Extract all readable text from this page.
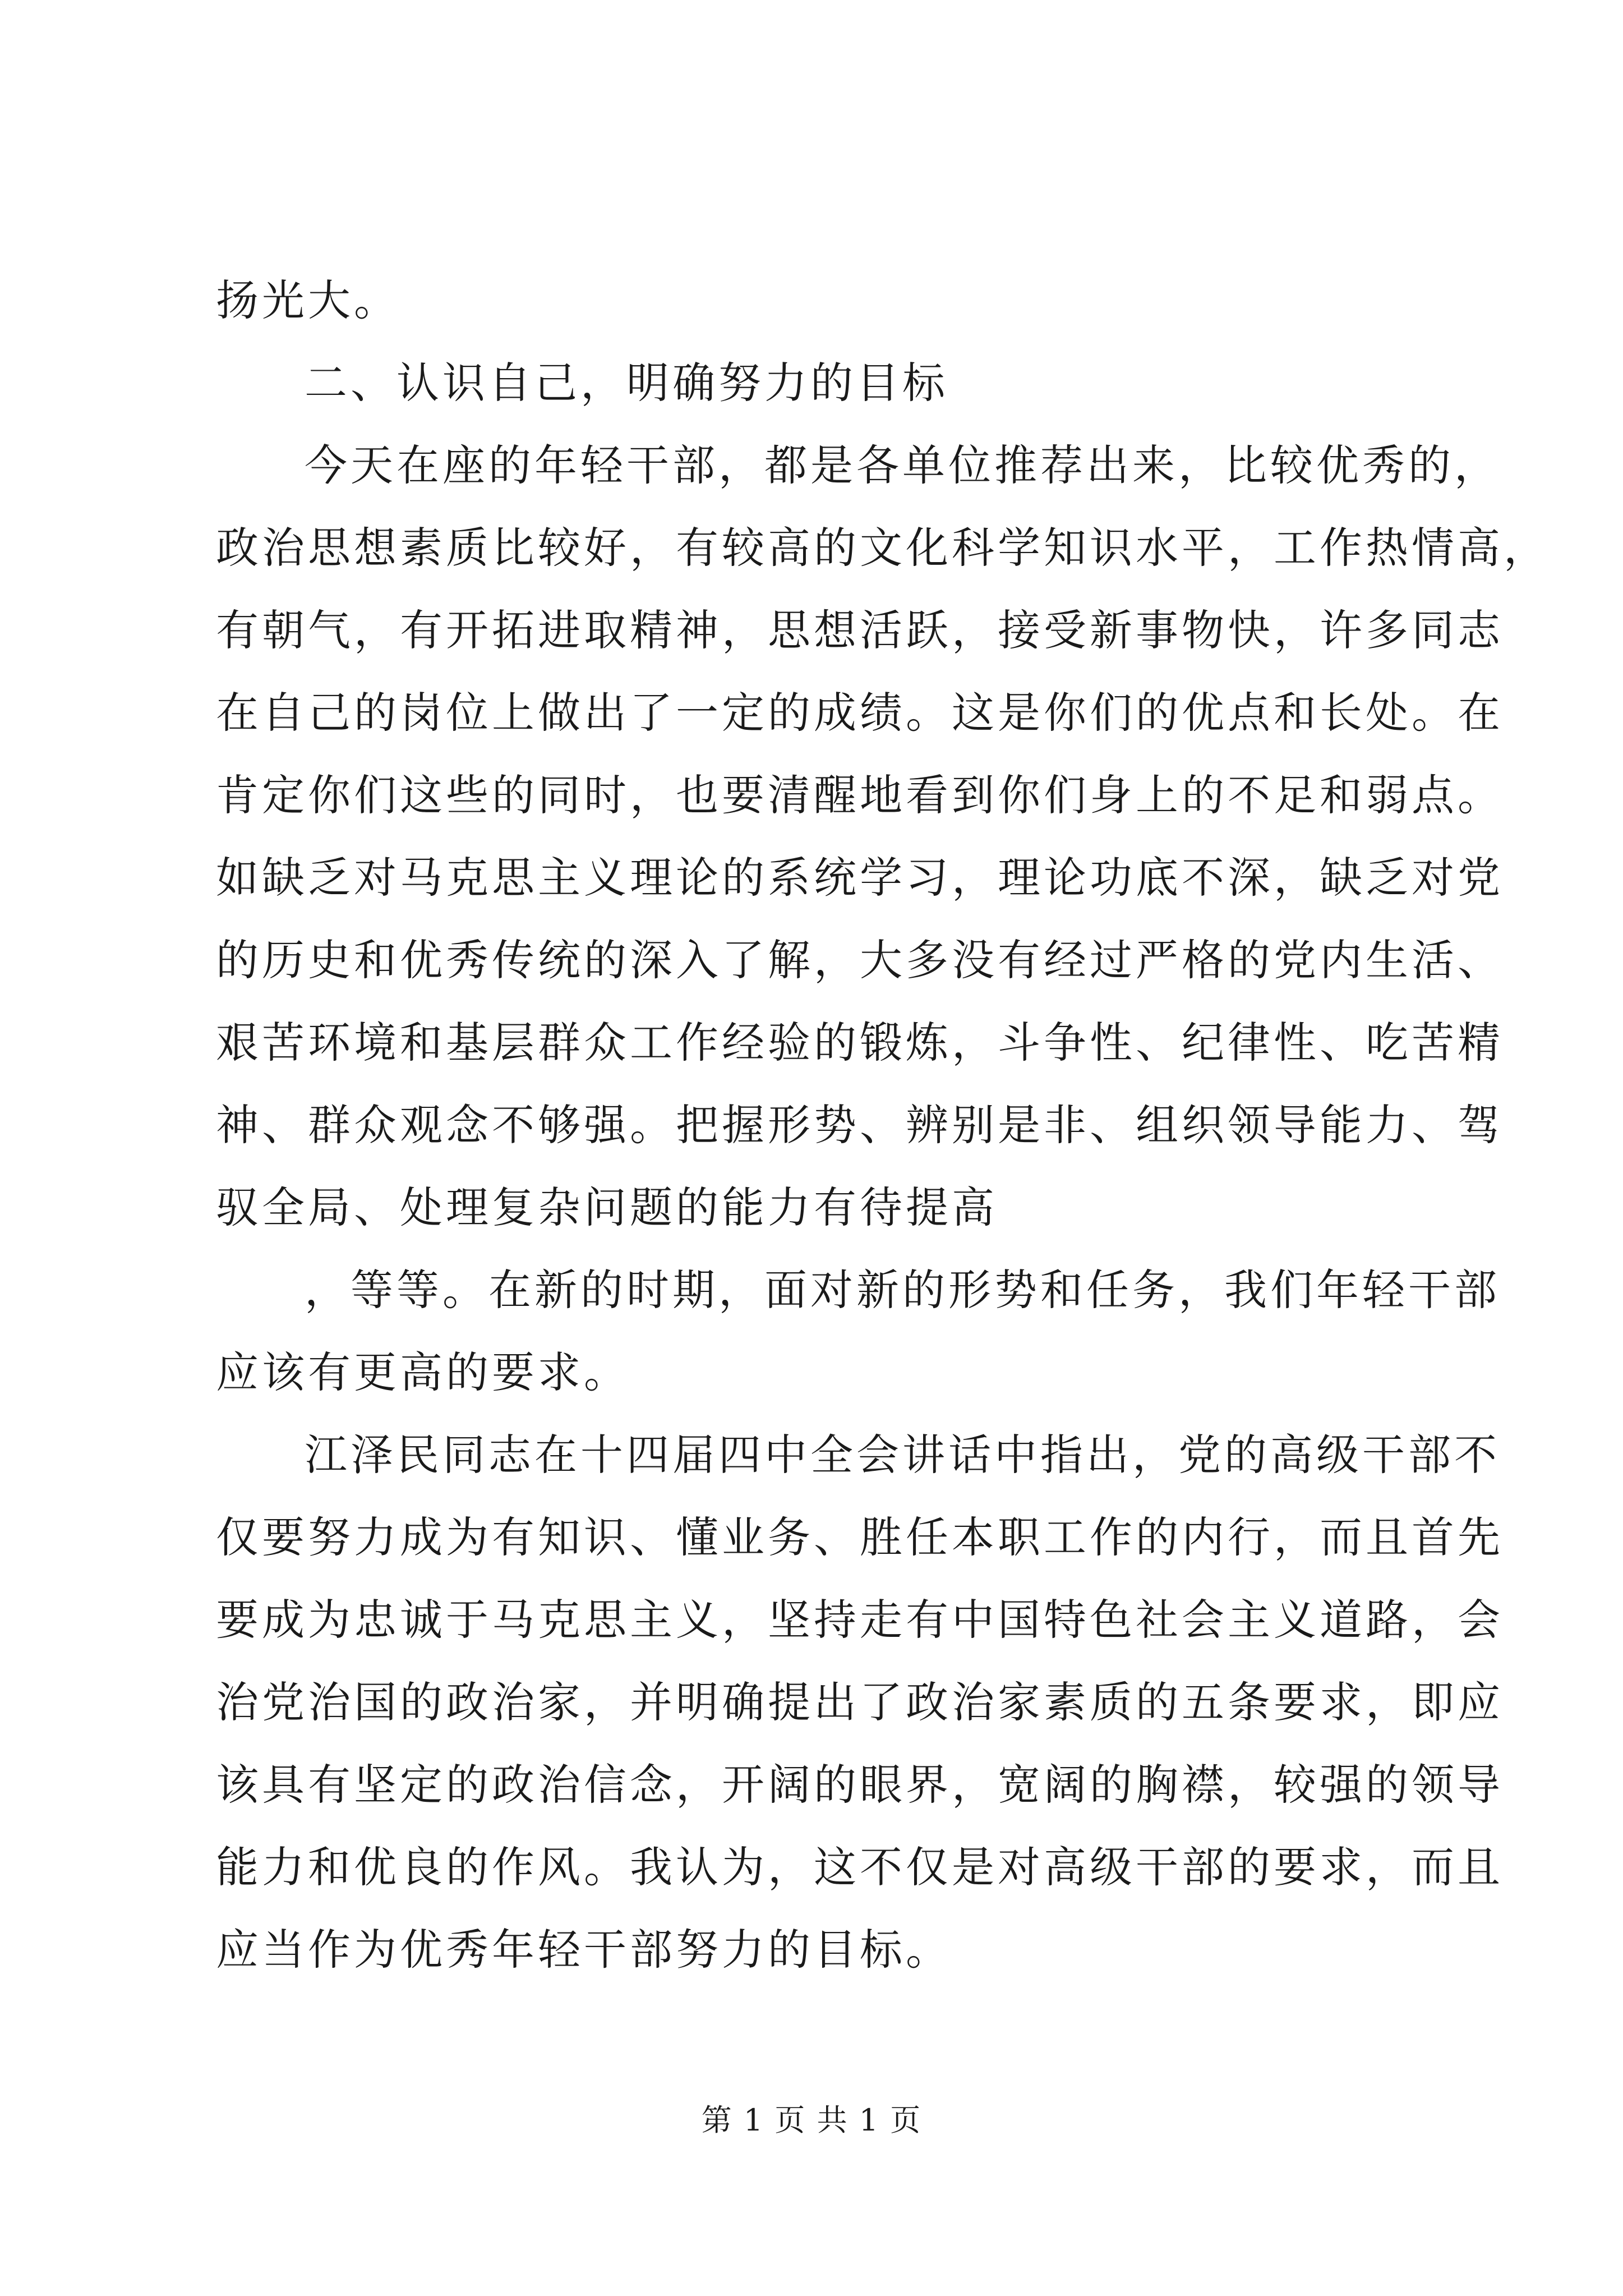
扬光大。
二、认识自己，明确努力的目标
今天在座的年轻干部，都是各单位推荐出来，比较优秀的，
政治思想素质比较好，有较高的文化科学知识水平，工作热情高，
有朝气，有开拓进取精神，思想活跃，接受新事物快，许多同志
在自己的岗位上做出了一定的成绩。这是你们的优点和长处。在
肯定你们这些的同时，也要清醒地看到你们身上的不足和弱点。
如缺乏对马克思主义理论的系统学习，理论功底不深，缺乏对党
的历史和优秀传统的深入了解，大多没有经过严格的党内生活、
艰苦环境和基层群众工作经验的锻炼，斗争性、纪律性、吃苦精
神、群众观念不够强。把握形势、辨别是非、组织领导能力、驾
驭全局、处理复杂问题的能力有待提高
，等等。在新的时期，面对新的形势和任务，我们年轻干部
应该有更高的要求。
江泽民同志在十四届四中全会讲话中指出，党的高级干部不
仅要努力成为有知识、懂业务、胜任本职工作的内行，而且首先
要成为忠诚于马克思主义，坚持走有中国特色社会主义道路，会
治党治国的政治家，并明确提出了政治家素质的五条要求，即应
该具有坚定的政治信念，开阔的眼界，宽阔的胸襟，较强的领导
能力和优良的作风。我认为，这不仅是对高级干部的要求，而且
应当作为优秀年轻干部努力的目标。
第 1 页 共 1 页
